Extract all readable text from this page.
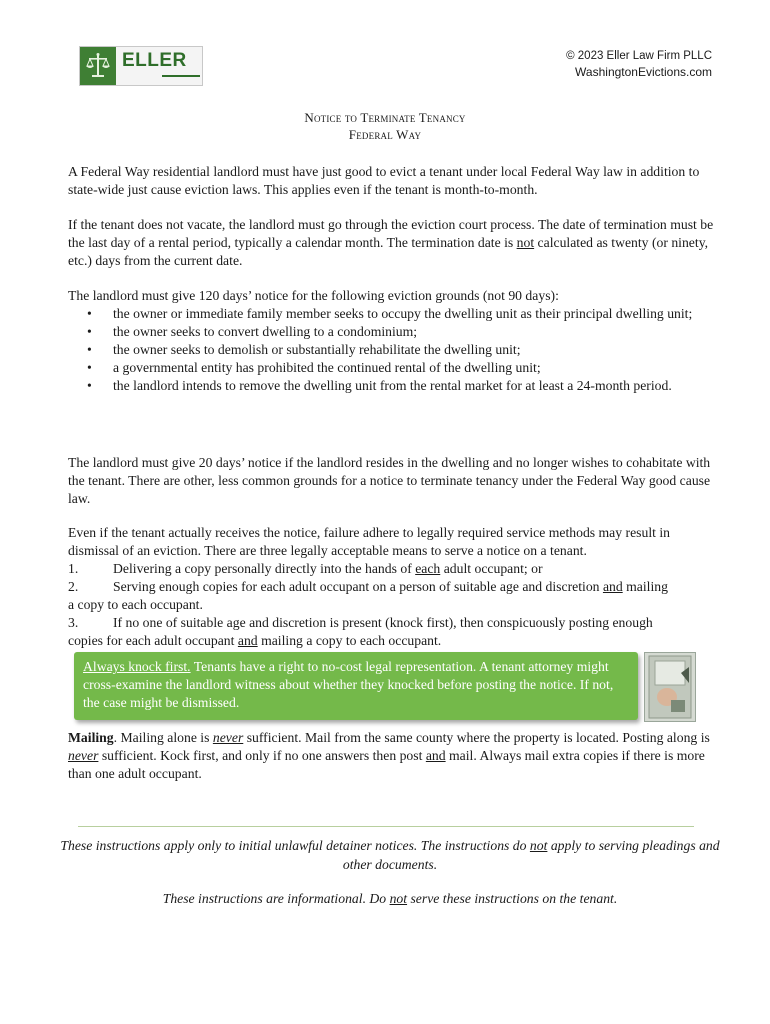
ELLER	© 2023 Eller Law Firm PLLC
WashingtonEvictions.com
Notice to Terminate Tenancy
Federal Way

A Federal Way residential landlord must have just good to evict a tenant under local Federal Way law in addition to state-wide just cause eviction laws. This applies even if the tenant is month-to-month.

If the tenant does not vacate, the landlord must go through the eviction court process. The date of termination must be the last day of a rental period, typically a calendar month. The termination date is not calculated as twenty (or ninety, etc.) days from the current date.

The landlord must give 120 days’ notice for the following eviction grounds (not 90 days):

• the owner or immediate family member seeks to occupy the dwelling unit as their principal dwelling unit;
• the owner seeks to convert dwelling to a condominium;
• the owner seeks to demolish or substantially rehabilitate the dwelling unit;
• a governmental entity has prohibited the continued rental of the dwelling unit;
• the landlord intends to remove the dwelling unit from the rental market for at least a 24-month period.

The landlord must give 20 days’ notice if the landlord resides in the dwelling and no longer wishes to cohabitate with the tenant. There are other, less common grounds for a notice to terminate tenancy under the Federal Way good cause law.

Even if the tenant actually receives the notice, failure adhere to legally required service methods may result in dismissal of an eviction. There are three legally acceptable means to serve a notice on a tenant.

1.	Delivering a copy personally directly into the hands of each adult occupant; or
2.	Serving enough copies for each adult occupant on a person of suitable age and discretion and mailing
a copy to each occupant.
3.	If no one of suitable age and discretion is present (knock first), then conspicuously posting enough
copies for each adult occupant and mailing a copy to each occupant.
Always knock first. Tenants have a right to no-cost legal representation. A tenant attorney might cross-examine the landlord witness about whether they knocked before posting the notice. If not, the case might be dismissed.

Mailing. Mailing alone is never sufficient. Mail from the same county where the property is located. Posting along is never sufficient. Kock first, and only if no one answers then post and mail. Always mail extra copies if there is more than one adult occupant.

These instructions apply only to initial unlawful detainer notices. The instructions do not apply to serving pleadings and other documents.
These instructions are informational. Do not serve these instructions on the tenant.
